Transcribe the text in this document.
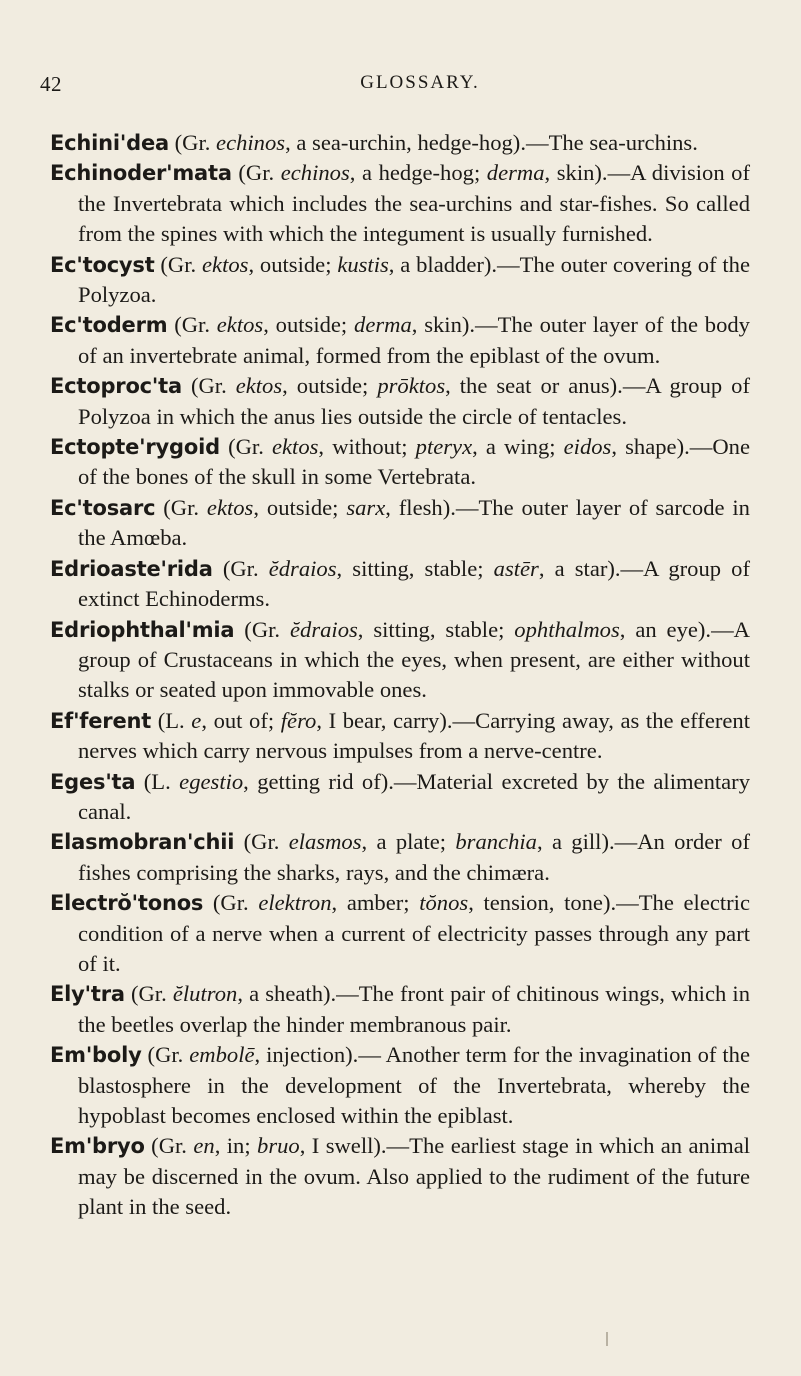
42	GLOSSARY.

Echini'dea (Gr. echinos, a sea-urchin, hedge-hog).—The sea-urchins.

Echinoder'mata (Gr. echinos, a hedge-hog; derma, skin).—A division of the Invertebrata which includes the sea-urchins and star-fishes. So called from the spines with which the integument is usually furnished.

Ec'tocyst (Gr. ektos, outside; kustis, a bladder).—The outer covering of the Polyzoa.

Ec'toderm (Gr. ektos, outside; derma, skin).—The outer layer of the body of an invertebrate animal, formed from the epiblast of the ovum.

Ectoproc'ta (Gr. ektos, outside; prōktos, the seat or anus).—A group of Polyzoa in which the anus lies outside the circle of tentacles.

Ectopte'rygoid (Gr. ektos, without; pteryx, a wing; eidos, shape).—One of the bones of the skull in some Vertebrata.

Ec'tosarc (Gr. ektos, outside; sarx, flesh).—The outer layer of sarcode in the Amœba.

Edrioaste'rida (Gr. ĕdraios, sitting, stable; astēr, a star).—A group of extinct Echinoderms.

Edriophthal'mia (Gr. ĕdraios, sitting, stable; ophthalmos, an eye).—A group of Crustaceans in which the eyes, when present, are either without stalks or seated upon immovable ones.

Ef'ferent (L. e, out of; fĕro, I bear, carry).—Carrying away, as the efferent nerves which carry nervous impulses from a nerve-centre.

Eges'ta (L. egestio, getting rid of).—Material excreted by the alimentary canal.

Elasmobran'chii (Gr. elasmos, a plate; branchia, a gill).—An order of fishes comprising the sharks, rays, and the chimæra.

Electrŏ'tonos (Gr. elektron, amber; tŏnos, tension, tone).—The electric condition of a nerve when a current of electricity passes through any part of it.

Ely'tra (Gr. ĕlutron, a sheath).—The front pair of chitinous wings, which in the beetles overlap the hinder membranous pair.

Em'boly (Gr. embolē, injection).— Another term for the invagination of the blastosphere in the development of the Invertebrata, whereby the hypoblast becomes enclosed within the epiblast.

Em'bryo (Gr. en, in; bruo, I swell).—The earliest stage in which an animal may be discerned in the ovum. Also applied to the rudiment of the future plant in the seed.
